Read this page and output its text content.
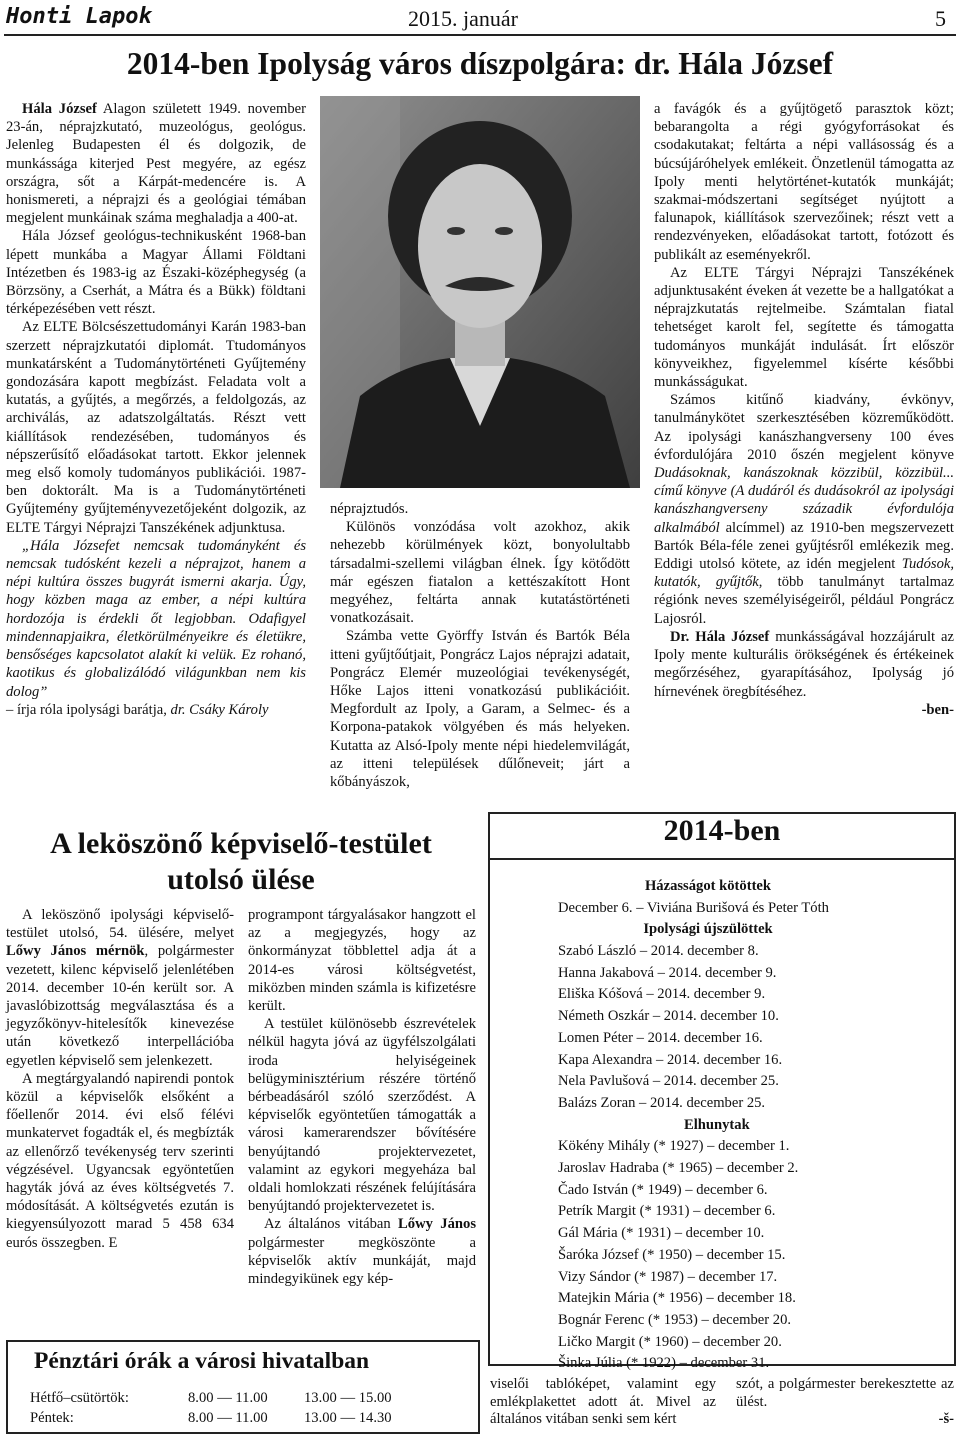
Honti Lapok	2015. január	5
2014-ben Ipolyság város díszpolgára: dr. Hála József

Hála József Alagon született 1949. november 23-án, néprajzkutató, muzeológus, geológus. Jelenleg Budapesten él és dolgozik, de munkássága kiterjed Pest megyére, az egész országra, sőt a Kárpát-medencére is. A honismereti, a néprajzi és a geológiai témában megjelent munkáinak száma meghaladja a 400-at.

Hála József geológus-technikusként 1968-ban lépett munkába a Magyar Állami Földtani Intézetben és 1983-ig az Északi-középhegység (a Börzsöny, a Cserhát, a Mátra és a Bükk) földtani térképezésében vett részt.

Az ELTE Bölcsészettudományi Karán 1983-ban szerzett néprajzkutatói diplomát. Ttudományos munkatársként a Tudománytörténeti Gyűjtemény gondozására kapott megbízást. Feladata volt a kutatás, a gyűjtés, a megőrzés, a feldolgozás, az archiválás, az adatszolgáltatás. Részt vett kiállítások rendezésében, tudományos és népszerűsítő előadásokat tartott. Ekkor jelennek meg első komoly tudományos publikációi. 1987-ben doktorált. Ma is a Tudománytörténeti Gyűjtemény gyűjteményvezetőjeként dolgozik, az ELTE Tárgyi Néprajzi Tanszékének adjunktusa.

„Hála Józsefet nemcsak tudományként és nemcsak tudósként kezeli a néprajzot, hanem a népi kultúra összes bugyrát ismerni akarja. Úgy, hogy közben maga az ember, a népi kultúra hordozója is érdekli őt legjobban. Odafigyel mindennapjaikra, életkörülményeikre és életükre, bensőséges kapcsolatot alakít ki velük. Ez rohanó, kaotikus és globalizálódó világunkban nem kis dolog”

– írja róla ipolysági barátja, dr. Csáky Károly

néprajztudós.

Különös vonzódása volt azokhoz, akik nehezebb körülmények közt, bonyolultabb társadalmi-szellemi világban élnek. Így kötődött már egészen fiatalon a kettészakított Hont megyéhez, feltárta annak kutatástörténeti vonatkozásait.

Számba vette Györffy István és Bartók Béla itteni gyűjtőútjait, Pongrácz Lajos néprajzi adatait, Pongrácz Elemér muzeológiai tevékenységét, Hőke Lajos itteni vonatkozású publikációit. Megfordult az Ipoly, a Garam, a Selmec- és a Korpona-patakok völgyében és más helyeken. Kutatta az Alsó-Ipoly mente népi hiedelemvilágát, az itteni települések dűlőneveit; járt a kőbányászok,

a favágók és a gyűjtögető parasztok közt; bebarangolta a régi gyógyforrásokat és csodakutakat; feltárta a népi vallásosság és a búcsújáróhelyek emlékeit. Önzetlenül támogatta az Ipoly menti helytörténet-kutatók munkáját; szakmai-módszertani segítséget nyújtott a falunapok, kiállítások szervezőinek; részt vett a rendezvényeken, előadásokat tartott, fotózott és publikált az eseményekről.

Az ELTE Tárgyi Néprajzi Tanszékének adjunktusaként éveken át vezette be a hallgatókat a néprajzkutatás rejtelmeibe. Számtalan fiatal tehetséget karolt fel, segítette és támogatta tudományos munkáját indulását. Írt először könyveikhez, figyelemmel kísérte későbbi munkásságukat.

Számos kitűnő kiadvány, évkönyv, tanulmánykötet szerkesztésében közreműködött. Az ipolysági kanászhangverseny 100 éves évfordulójára 2010 őszén megjelent könyve Dudásoknak, kanászoknak közzibül, közzibül... című könyve (A dudáról és dudásokról az ipolysági kanászhangverseny századik évfordulója alkalmából alcímmel) az 1910-ben megszervezett Bartók Béla-féle zenei gyűjtésről emlékezik meg. Eddigi utolsó kötete, az idén megjelent Tudósok, kutatók, gyűjtők, több tanulmányt tartalmaz régiónk neves személyiségeiről, például Pongrácz Lajosról.

Dr. Hála József munkásságával hozzájárult az Ipoly mente kulturális örökségének és értékeinek megőrzéséhez, gyarapításához, Ipolyság jó hírnevének öregbítéséhez.

-ben-

A leköszönő képviselő-testület
utolsó ülése

A leköszönő ipolysági képviselő-testület utolsó, 54. ülésére, melyet Lőwy János mérnök, polgármester vezetett, kilenc képviselő jelenlétében 2014. december 10-én került sor. A javaslóbizottság megválasztása és a jegyzőkönyv-hitelesítők kinevezése után következő interpellációba egyetlen képviselő sem jelenkezett.

A megtárgyalandó napirendi pontok közül a képviselők elsőként a főellenőr 2014. évi első félévi munkatervet fogadták el, és megbízták az ellenőrző tevékenység terv szerinti végzésével. Ugyancsak egyöntetűen hagyták jóvá az éves költségvetés 7. módosítását. A költségvetés ezután is kiegyensúlyozott marad 5 458 634 eurós összegben. E

programpont tárgyalásakor hangzott el az a megjegyzés, hogy az önkormányzat többlettel adja át a 2014-es városi költségvetést, miközben minden számla is kifizetésre került.

A testület különösebb észrevételek nélkül hagyta jóvá az ügyfélszolgálati iroda helyiségeinek belügyminisztérium részére történő bérbeadásáról szóló szerződést. A képviselők egyöntetűen támogatták a városi kamerarendszer bővítésére benyújtandó projektervezetet, valamint az egykori megyeháza bal oldali homlokzati részének felújítására benyújtandó projektervezetet is.

Az általános vitában Lőwy János polgármester megköszönte a képviselők aktív munkáját, majd mindegyikünek egy kép-

Pénztári órák a városi hivatalban
Hétfő–csütörtök:	8.00 — 11.00	13.00 — 15.00
Péntek:	8.00 — 11.00	13.00 — 14.30
2014-ben
Házasságot kötöttek
December 6. – Viviána Burišová és Peter Tóth
Ipolysági újszülöttek
Szabó László – 2014. december 8.
Hanna Jakabová – 2014. december 9.
Eliška Kóšová – 2014. december 9.
Németh Oszkár – 2014. december 10.
Lomen Péter – 2014. december 16.
Kapa Alexandra – 2014. december 16.
Nela Pavlušová – 2014. december 25.
Balázs Zoran – 2014. december 25.
Elhunytak
Kökény Mihály (* 1927) – december 1.
Jaroslav Hadraba (* 1965) – december 2.
Čado István (* 1949) – december 6.
Petrík Margit (* 1931) – december 6.
Gál Mária (* 1931) – december 10.
Šaróka József (* 1950) – december 15.
Vizy Sándor (* 1987) – december 17.
Matejkin Mária (* 1956) – december 18.
Bognár Ferenc (* 1953) – december 20.
Ličko Margit (* 1960) – december 20.
Šinka Júlia (* 1922) – december 31.

viselői tablóképet, valamint egy emlékplakettet adott át. Mivel az általános vitában senki sem kért

szót, a polgármester berekesztette az ülést.

-š-
